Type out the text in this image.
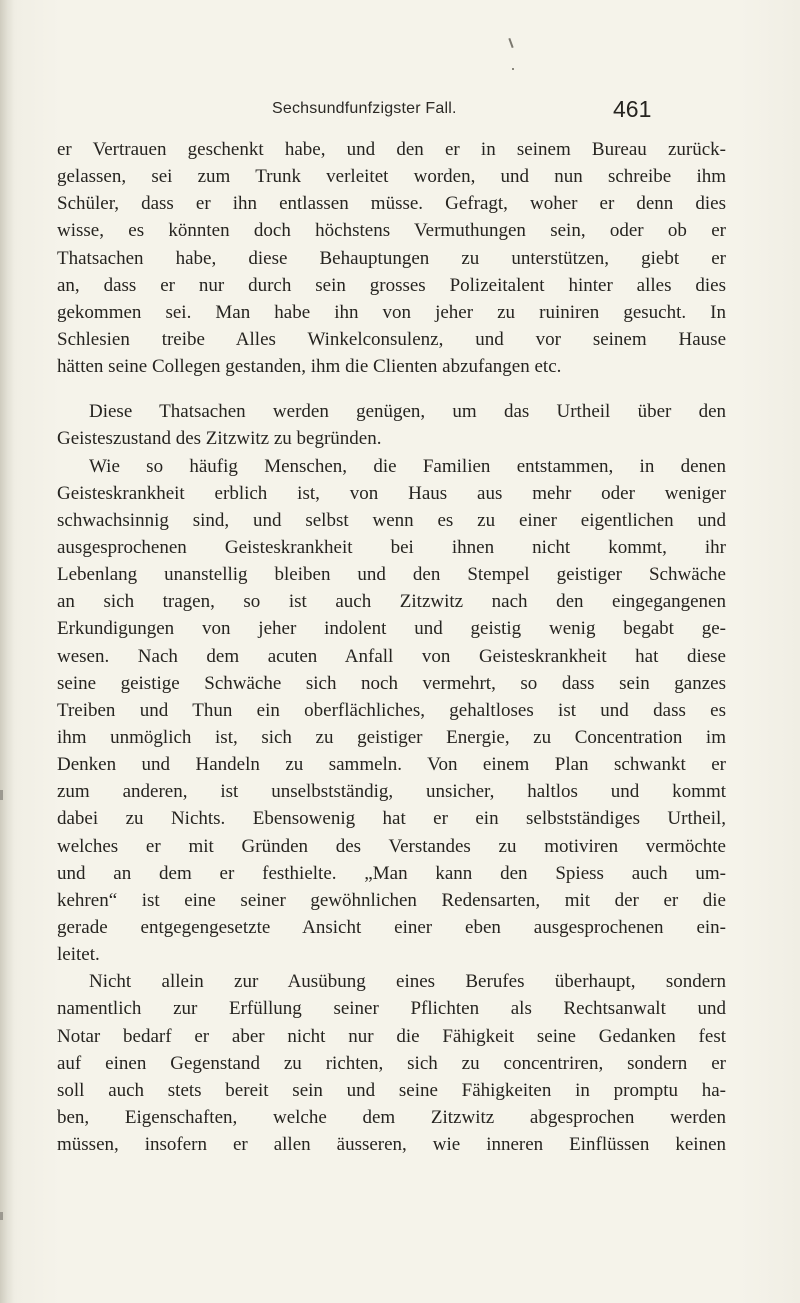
Sechsundfunfzigster Fall.	461
er Vertrauen geschenkt habe, und den er in seinem Bureau zurück-
gelassen, sei zum Trunk verleitet worden, und nun schreibe ihm
Schüler, dass er ihn entlassen müsse. Gefragt, woher er denn dies
wisse, es könnten doch höchstens Vermuthungen sein, oder ob er
Thatsachen habe, diese Behauptungen zu unterstützen, giebt er
an, dass er nur durch sein grosses Polizeitalent hinter alles dies
gekommen sei. Man habe ihn von jeher zu ruiniren gesucht. In
Schlesien treibe Alles Winkelconsulenz, und vor seinem Hause
hätten seine Collegen gestanden, ihm die Clienten abzufangen etc.
Diese Thatsachen werden genügen, um das Urtheil über den
Geisteszustand des Zitzwitz zu begründen.
Wie so häufig Menschen, die Familien entstammen, in denen
Geisteskrankheit erblich ist, von Haus aus mehr oder weniger
schwachsinnig sind, und selbst wenn es zu einer eigentlichen und
ausgesprochenen Geisteskrankheit bei ihnen nicht kommt, ihr
Lebenlang unanstellig bleiben und den Stempel geistiger Schwäche
an sich tragen, so ist auch Zitzwitz nach den eingegangenen
Erkundigungen von jeher indolent und geistig wenig begabt ge-
wesen. Nach dem acuten Anfall von Geisteskrankheit hat diese
seine geistige Schwäche sich noch vermehrt, so dass sein ganzes
Treiben und Thun ein oberflächliches, gehaltloses ist und dass es
ihm unmöglich ist, sich zu geistiger Energie, zu Concentration im
Denken und Handeln zu sammeln. Von einem Plan schwankt er
zum anderen, ist unselbstständig, unsicher, haltlos und kommt
dabei zu Nichts. Ebensowenig hat er ein selbstständiges Urtheil,
welches er mit Gründen des Verstandes zu motiviren vermöchte
und an dem er festhielte. „Man kann den Spiess auch um-
kehren“ ist eine seiner gewöhnlichen Redensarten, mit der er die
gerade entgegengesetzte Ansicht einer eben ausgesprochenen ein-
leitet.
Nicht allein zur Ausübung eines Berufes überhaupt, sondern
namentlich zur Erfüllung seiner Pflichten als Rechtsanwalt und
Notar bedarf er aber nicht nur die Fähigkeit seine Gedanken fest
auf einen Gegenstand zu richten, sich zu concentriren, sondern er
soll auch stets bereit sein und seine Fähigkeiten in promptu ha-
ben, Eigenschaften, welche dem Zitzwitz abgesprochen werden
müssen, insofern er allen äusseren, wie inneren Einflüssen keinen
